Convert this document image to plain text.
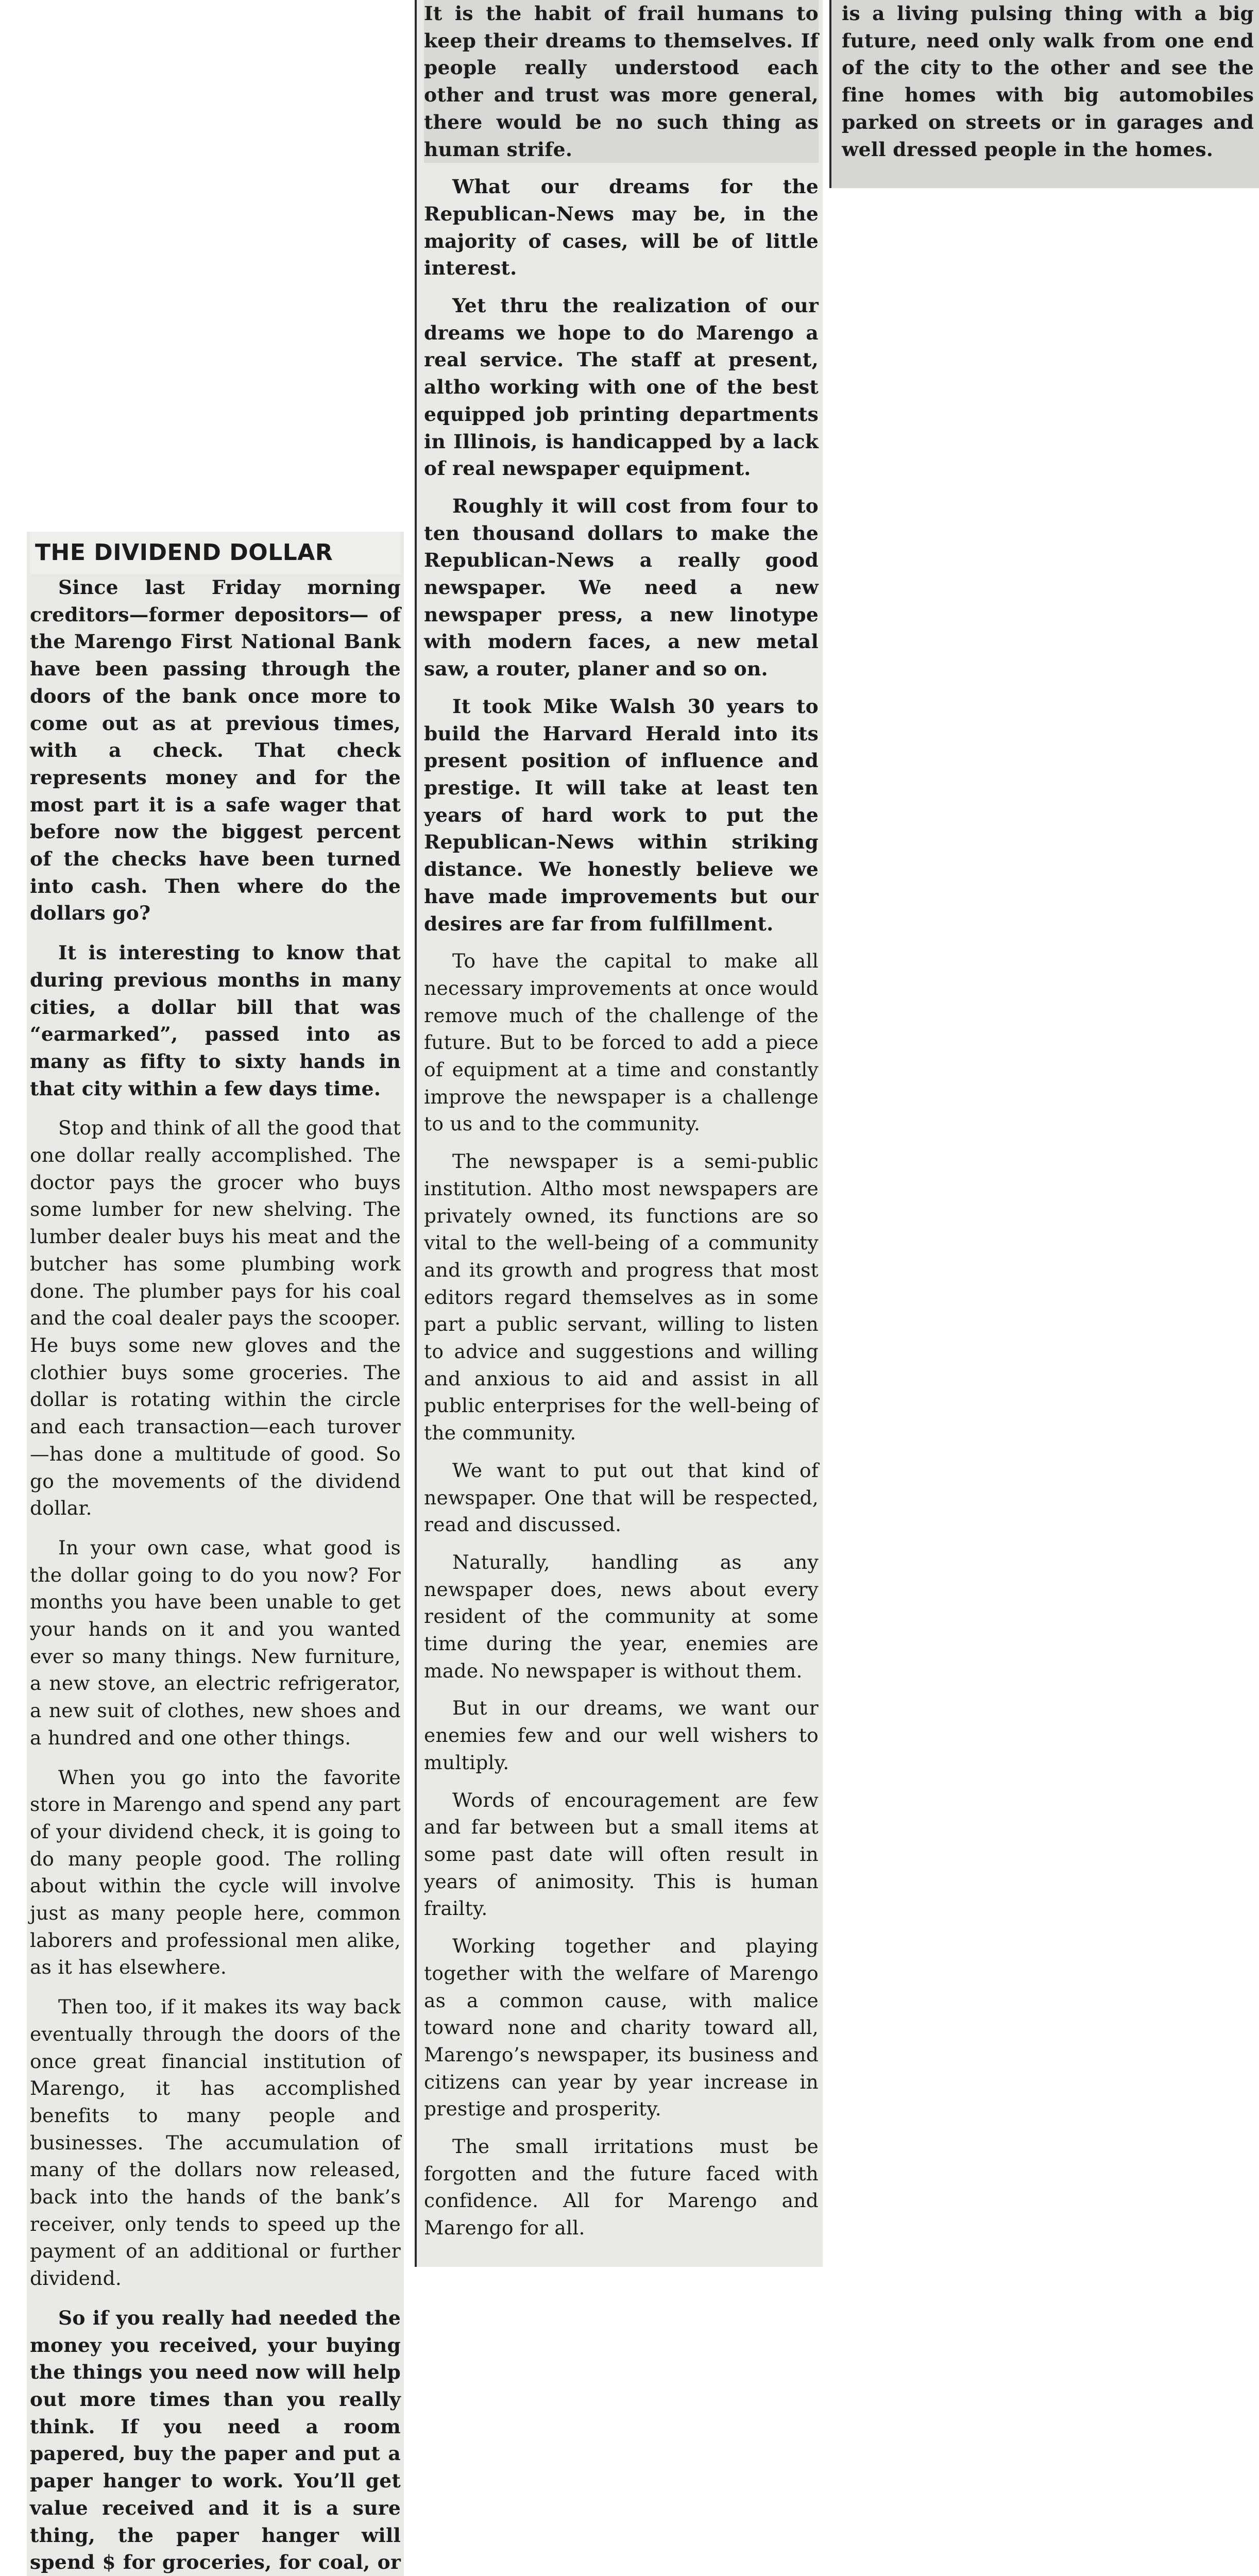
THE DIVIDEND DOLLAR

Since last Friday morning creditors—former depositors— of the Marengo First National Bank have been passing through the doors of the bank once more to come out as at previous times, with a check. That check represents money and for the most part it is a safe wager that before now the biggest percent of the checks have been turned into cash. Then where do the dollars go?

It is interesting to know that during previous months in many cities, a dollar bill that was “earmarked”, passed into as many as fifty to sixty hands in that city within a few days time.

Stop and think of all the good that one dollar really accomplished. The doctor pays the grocer who buys some lumber for new shelving. The lumber dealer buys his meat and the butcher has some plumbing work done. The plumber pays for his coal and the coal dealer pays the scooper. He buys some new gloves and the clothier buys some groceries. The dollar is rotating within the circle and each transaction—each turover—has done a multitude of good. So go the movements of the dividend dollar.

In your own case, what good is the dollar going to do you now? For months you have been unable to get your hands on it and you wanted ever so many things. New furniture, a new stove, an electric refrigerator, a new suit of clothes, new shoes and a hundred and one other things.

When you go into the favorite store in Marengo and spend any part of your dividend check, it is going to do many people good. The rolling about within the cycle will involve just as many people here, common laborers and professional men alike, as it has elsewhere.

Then too, if it makes its way back eventually through the doors of the once great financial institution of Marengo, it has accomplished benefits to many people and businesses. The accumulation of many of the dollars now released, back into the hands of the bank’s receiver, only tends to speed up the payment of an additional or further dividend.

So if you really had needed the money you received, your buying the things you need now will help out more times than you really think. If you need a room papered, buy the paper and put a paper hanger to work. You’ll get value received and it is a sure thing, the paper hanger will spend $ for groceries, for coal, or

It is the habit of frail humans to keep their dreams to themselves. If people really understood each other and trust was more general, there would be no such thing as human strife.

What our dreams for the Republican-News may be, in the majority of cases, will be of little interest.

Yet thru the realization of our dreams we hope to do Marengo a real service. The staff at present, altho working with one of the best equipped job printing departments in Illinois, is handicapped by a lack of real newspaper equipment.

Roughly it will cost from four to ten thousand dollars to make the Republican-News a really good newspaper. We need a new newspaper press, a new linotype with modern faces, a new metal saw, a router, planer and so on.

It took Mike Walsh 30 years to build the Harvard Herald into its present position of influence and prestige. It will take at least ten years of hard work to put the Republican-News within striking distance. We honestly believe we have made improvements but our desires are far from fulfillment.

To have the capital to make all necessary improvements at once would remove much of the challenge of the future. But to be forced to add a piece of equipment at a time and constantly improve the newspaper is a challenge to us and to the community.

The newspaper is a semi-public institution. Altho most newspapers are privately owned, its functions are so vital to the well-being of a community and its growth and progress that most editors regard themselves as in some part a public servant, willing to listen to advice and suggestions and willing and anxious to aid and assist in all public enterprises for the well-being of the community.

We want to put out that kind of newspaper. One that will be respected, read and discussed.

Naturally, handling as any newspaper does, news about every resident of the community at some time during the year, enemies are made. No newspaper is without them.

But in our dreams, we want our enemies few and our well wishers to multiply.

Words of encouragement are few and far between but a small items at some past date will often result in years of animosity. This is human frailty.

Working together and playing together with the welfare of Marengo as a common cause, with malice toward none and charity toward all, Marengo’s newspaper, its business and citizens can year by year increase in prestige and prosperity.

The small irritations must be forgotten and the future faced with confidence. All for Marengo and Marengo for all.

is a living pulsing thing with a big future, need only walk from one end of the city to the other and see the fine homes with big automobiles parked on streets or in garages and well dressed people in the homes.
